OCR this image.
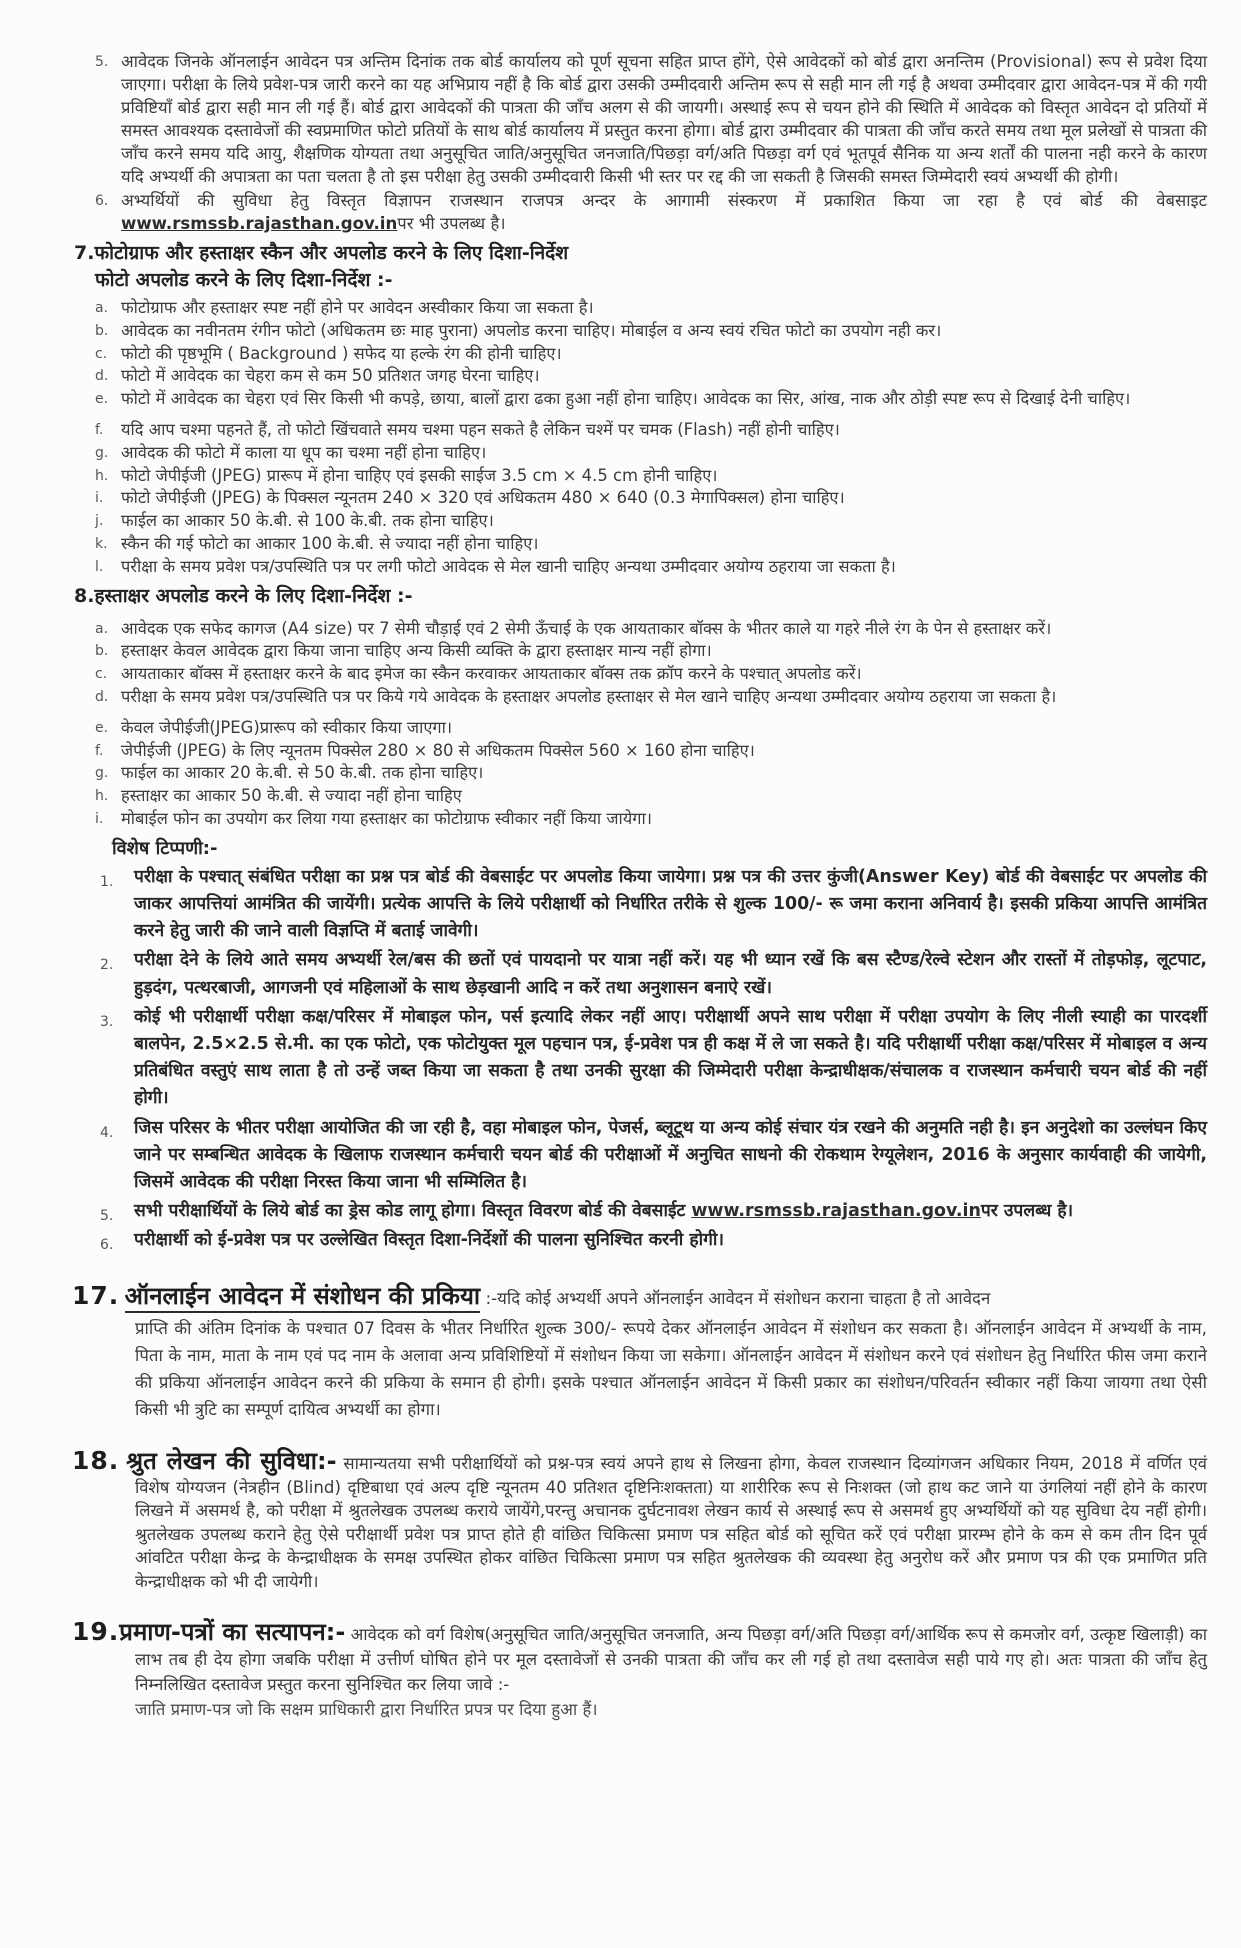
5. आवेदक जिनके ऑनलाईन आवेदन पत्र अन्तिम दिनांक तक बोर्ड कार्यालय को पूर्ण सूचना सहित प्राप्त होंगे, ऐसे आवेदकों को बोर्ड द्वारा अनन्तिम (Provisional) रूप से प्रवेश दिया जाएगा। परीक्षा के लिये प्रवेश-पत्र जारी करने का यह अभिप्राय नहीं है कि बोर्ड द्वारा उसकी उम्मीदवारी अन्तिम रूप से सही मान ली गई है अथवा उम्मीदवार द्वारा आवेदन-पत्र में की गयी प्रविष्टियाँ बोर्ड द्वारा सही मान ली गई हैं। बोर्ड द्वारा आवेदकों की पात्रता की जाँच अलग से की जायगी। अस्थाई रूप से चयन होने की स्थिति में आवेदक को विस्तृत आवेदन दो प्रतियों में समस्त आवश्यक दस्तावेजों की स्वप्रमाणित फोटो प्रतियों के साथ बोर्ड कार्यालय में प्रस्तुत करना होगा। बोर्ड द्वारा उम्मीदवार की पात्रता की जाँच करते समय तथा मूल प्रलेखों से पात्रता की जाँच करने समय यदि आयु, शैक्षणिक योग्यता तथा अनुसूचित जाति/अनुसूचित जनजाति/पिछड़ा वर्ग/अति पिछड़ा वर्ग एवं भूतपूर्व सैनिक या अन्य शर्तों की पालना नही करने के कारण यदि अभ्यर्थी की अपात्रता का पता चलता है तो इस परीक्षा हेतु उसकी उम्मीदवारी किसी भी स्तर पर रद्द की जा सकती है जिसकी समस्त जिम्मेदारी स्वयं अभ्यर्थी की होगी।
6. अभ्यर्थियों की सुविधा हेतु विस्तृत विज्ञापन राजस्थान राजपत्र अन्दर के आगामी संस्करण में प्रकाशित किया जा रहा है एवं बोर्ड की वेबसाइट www.rsmssb.rajasthan.gov.inपर भी उपलब्ध है।
7.फोटोग्राफ और हस्ताक्षर स्कैन और अपलोड करने के लिए दिशा-निर्देश
फोटो अपलोड करने के लिए दिशा-निर्देश :-
a. फोटोग्राफ और हस्ताक्षर स्पष्ट नहीं होने पर आवेदन अस्वीकार किया जा सकता है।
b. आवेदक का नवीनतम रंगीन फोटो (अधिकतम छः माह पुराना) अपलोड करना चाहिए। मोबाईल व अन्य स्वयं रचित फोटो का उपयोग नही कर।
c. फोटो की पृष्ठभूमि ( Background ) सफेद या हल्के रंग की होनी चाहिए।
d. फोटो में आवेदक का चेहरा कम से कम 50 प्रतिशत जगह घेरना चाहिए।
e. फोटो में आवेदक का चेहरा एवं सिर किसी भी कपड़े, छाया, बालों द्वारा ढका हुआ नहीं होना चाहिए। आवेदक का सिर, आंख, नाक और ठोड़ी स्पष्ट रूप से दिखाई देनी चाहिए।
f. यदि आप चश्मा पहनते हैं, तो फोटो खिंचवाते समय चश्मा पहन सकते है लेकिन चश्में पर चमक (Flash) नहीं होनी चाहिए।
g. आवेदक की फोटो में काला या धूप का चश्मा नहीं होना चाहिए।
h. फोटो जेपीईजी (JPEG) प्रारूप में होना चाहिए एवं इसकी साईज 3.5 cm × 4.5 cm होनी चाहिए।
i. फोटो जेपीईजी (JPEG) के पिक्सल न्यूनतम 240 × 320 एवं अधिकतम 480 × 640 (0.3 मेगापिक्सल) होना चाहिए।
j. फाईल का आकार 50 के.बी. से 100 के.बी. तक होना चाहिए।
k. स्कैन की गई फोटो का आकार 100 के.बी. से ज्यादा नहीं होना चाहिए।
l. परीक्षा के समय प्रवेश पत्र/उपस्थिति पत्र पर लगी फोटो आवेदक से मेल खानी चाहिए अन्यथा उम्मीदवार अयोग्य ठहराया जा सकता है।
8.हस्ताक्षर अपलोड करने के लिए दिशा-निर्देश :-
a. आवेदक एक सफेद कागज (A4 size) पर 7 सेमी चौड़ाई एवं 2 सेमी ऊँचाई के एक आयताकार बॉक्स के भीतर काले या गहरे नीले रंग के पेन से हस्ताक्षर करें।
b. हस्ताक्षर केवल आवेदक द्वारा किया जाना चाहिए अन्य किसी व्यक्ति के द्वारा हस्ताक्षर मान्य नहीं होगा।
c. आयताकार बॉक्स में हस्ताक्षर करने के बाद इमेज का स्कैन करवाकर आयताकार बॉक्स तक क्रॉप करने के पश्चात् अपलोड करें।
d. परीक्षा के समय प्रवेश पत्र/उपस्थिति पत्र पर किये गये आवेदक के हस्ताक्षर अपलोड हस्ताक्षर से मेल खाने चाहिए अन्यथा उम्मीदवार अयोग्य ठहराया जा सकता है।
e. केवल जेपीईजी(JPEG)प्रारूप को स्वीकार किया जाएगा।
f. जेपीईजी (JPEG) के लिए न्यूनतम पिक्सेल 280 × 80 से अधिकतम पिक्सेल 560 × 160 होना चाहिए।
g. फाईल का आकार 20 के.बी. से 50 के.बी. तक होना चाहिए।
h. हस्ताक्षर का आकार 50 के.बी. से ज्यादा नहीं होना चाहिए
i. मोबाईल फोन का उपयोग कर लिया गया हस्ताक्षर का फोटोग्राफ स्वीकार नहीं किया जायेगा।
विशेष टिप्पणी:-
1. परीक्षा के पश्चात् संबंधित परीक्षा का प्रश्न पत्र बोर्ड की वेबसाईट पर अपलोड किया जायेगा। प्रश्न पत्र की उत्तर कुंजी(Answer Key) बोर्ड की वेबसाईट पर अपलोड की जाकर आपत्तियां आमंत्रित की जायेंगी। प्रत्येक आपत्ति के लिये परीक्षार्थी को निर्धारित तरीके से शुल्क 100/- रू जमा कराना अनिवार्य है। इसकी प्रकिया आपत्ति आमंत्रित करने हेतु जारी की जाने वाली विज्ञप्ति में बताई जावेगी।
2. परीक्षा देने के लिये आते समय अभ्यर्थी रेल/बस की छतों एवं पायदानो पर यात्रा नहीं करें। यह भी ध्यान रखें कि बस स्टैण्ड/रेल्वे स्टेशन और रास्तों में तोड़फोड़, लूटपाट, हुड़दंग, पत्थरबाजी, आगजनी एवं महिलाओं के साथ छेड़खानी आदि न करें तथा अनुशासन बनाऐ रखें।
3. कोई भी परीक्षार्थी परीक्षा कक्ष/परिसर में मोबाइल फोन, पर्स इत्यादि लेकर नहीं आए। परीक्षार्थी अपने साथ परीक्षा में परीक्षा उपयोग के लिए नीली स्याही का पारदर्शी बालपेन, 2.5×2.5 से.मी. का एक फोटो, एक फोटोयुक्त मूल पहचान पत्र, ई-प्रवेश पत्र ही कक्ष में ले जा सकते है। यदि परीक्षार्थी परीक्षा कक्ष/परिसर में मोबाइल व अन्य प्रतिबंधित वस्तुएं साथ लाता है तो उन्हें जब्त किया जा सकता है तथा उनकी सुरक्षा की जिम्मेदारी परीक्षा केन्द्राधीक्षक/संचालक व राजस्थान कर्मचारी चयन बोर्ड की नहीं होगी।
4. जिस परिसर के भीतर परीक्षा आयोजित की जा रही है, वहा मोबाइल फोन, पेजर्स, ब्लूटूथ या अन्य कोई संचार यंत्र रखने की अनुमति नही है। इन अनुदेशो का उल्लंघन किए जाने पर सम्बन्धित आवेदक के खिलाफ राजस्थान कर्मचारी चयन बोर्ड की परीक्षाओं में अनुचित साधनो की रोकथाम रेग्यूलेशन, 2016 के अनुसार कार्यवाही की जायेगी, जिसमें आवेदक की परीक्षा निरस्त किया जाना भी सम्मिलित है।
5. सभी परीक्षार्थियों के लिये बोर्ड का ड्रेस कोड लागू होगा। विस्तृत विवरण बोर्ड की वेबसाईट www.rsmssb.rajasthan.gov.inपर उपलब्ध है।
6. परीक्षार्थी को ई-प्रवेश पत्र पर उल्लेखित विस्तृत दिशा-निर्देशों की पालना सुनिश्चित करनी होगी।
17. ऑनलाईन आवेदन में संशोधन की प्रकिया :-यदि कोई अभ्यर्थी अपने ऑनलाईन आवेदन में संशोधन कराना चाहता है तो आवेदन
प्राप्ति की अंतिम दिनांक के पश्चात 07 दिवस के भीतर निर्धारित शुल्क 300/- रूपये देकर ऑनलाईन आवेदन में संशोधन कर सकता है। ऑनलाईन आवेदन में अभ्यर्थी के नाम, पिता के नाम, माता के नाम एवं पद नाम के अलावा अन्य प्रविशिष्टियों में संशोधन किया जा सकेगा। ऑनलाईन आवेदन में संशोधन करने एवं संशोधन हेतु निर्धारित फीस जमा कराने की प्रकिया ऑनलाईन आवेदन करने की प्रकिया के समान ही होगी। इसके पश्चात ऑनलाईन आवेदन में किसी प्रकार का संशोधन/परिवर्तन स्वीकार नहीं किया जायगा तथा ऐसी किसी भी त्रुटि का सम्पूर्ण दायित्व अभ्यर्थी का होगा।
18. श्रुत लेखन की सुविधा:- सामान्यतया सभी परीक्षार्थियों को प्रश्न-पत्र स्वयं अपने हाथ से लिखना होगा, केवल राजस्थान दिव्यांगजन अधिकार नियम, 2018 में वर्णित एवं विशेष योग्यजन (नेत्रहीन (Blind) दृष्टिबाधा एवं अल्प दृष्टि न्यूनतम 40 प्रतिशत दृष्टिनिःशक्तता) या शारीरिक रूप से निःशक्त (जो हाथ कट जाने या उंगलियां नहीं होने के कारण लिखने में असमर्थ है, को परीक्षा में श्रुतलेखक उपलब्ध कराये जायेंगे,परन्तु अचानक दुर्घटनावश लेखन कार्य से अस्थाई रूप से असमर्थ हुए अभ्यर्थियों को यह सुविधा देय नहीं होगी। श्रुतलेखक उपलब्ध कराने हेतु ऐसे परीक्षार्थी प्रवेश पत्र प्राप्त होते ही वांछित चिकित्सा प्रमाण पत्र सहित बोर्ड को सूचित करें एवं परीक्षा प्रारम्भ होने के कम से कम तीन दिन पूर्व आंवटित परीक्षा केन्द्र के केन्द्राधीक्षक के समक्ष उपस्थित होकर वांछित चिकित्सा प्रमाण पत्र सहित श्रुतलेखक की व्यवस्था हेतु अनुरोध करें और प्रमाण पत्र की एक प्रमाणित प्रति केन्द्राधीक्षक को भी दी जायेगी।
19.प्रमाण-पत्रों का सत्यापन:- आवेदक को वर्ग विशेष(अनुसूचित जाति/अनुसूचित जनजाति, अन्य पिछड़ा वर्ग/अति पिछड़ा वर्ग/आर्थिक रूप से कमजोर वर्ग, उत्कृष्ट खिलाड़ी) का लाभ तब ही देय होगा जबकि परीक्षा में उत्तीर्ण घोषित होने पर मूल दस्तावेजों से उनकी पात्रता की जाँच कर ली गई हो तथा दस्तावेज सही पाये गए हो। अतः पात्रता की जाँच हेतु निम्नलिखित दस्तावेज प्रस्तुत करना सुनिश्चित कर लिया जावे :-
जाति प्रमाण-पत्र जो कि सक्षम प्राधिकारी द्वारा निर्धारित प्रपत्र पर दिया हुआ हैं।
